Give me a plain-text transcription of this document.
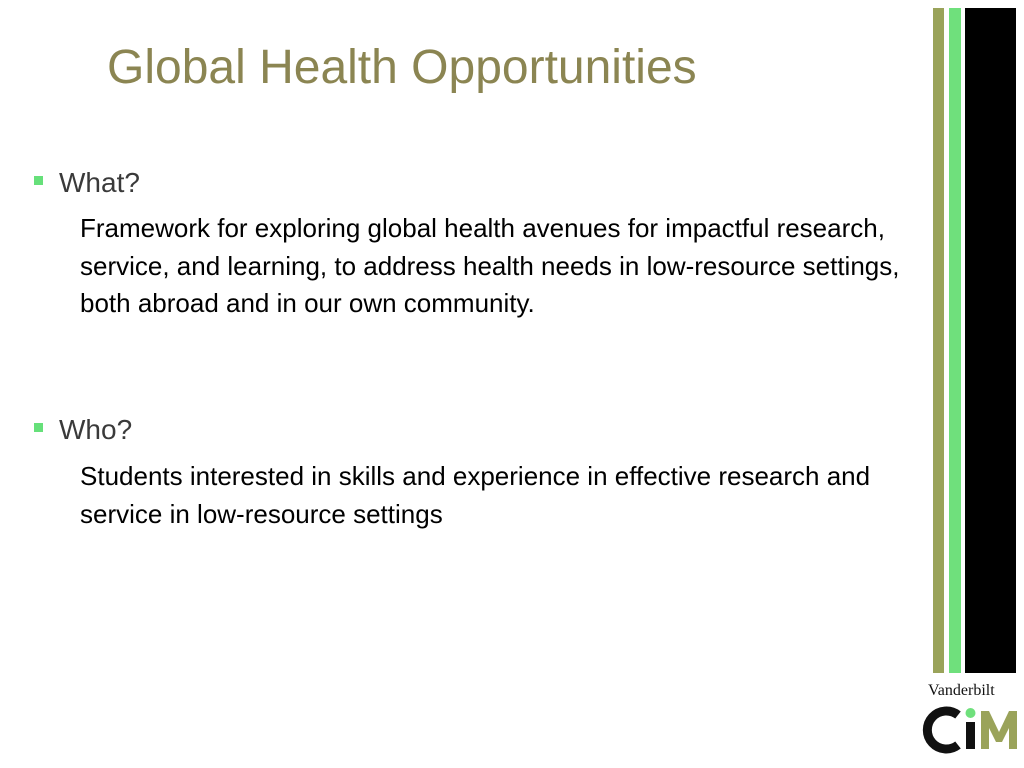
Global Health Opportunities
What?
Framework for exploring global health avenues for impactful research, service, and learning, to address health needs in low-resource settings, both abroad and in our own community.
Who?
Students interested in skills and experience in effective research and service in low-resource settings
Vanderbilt
